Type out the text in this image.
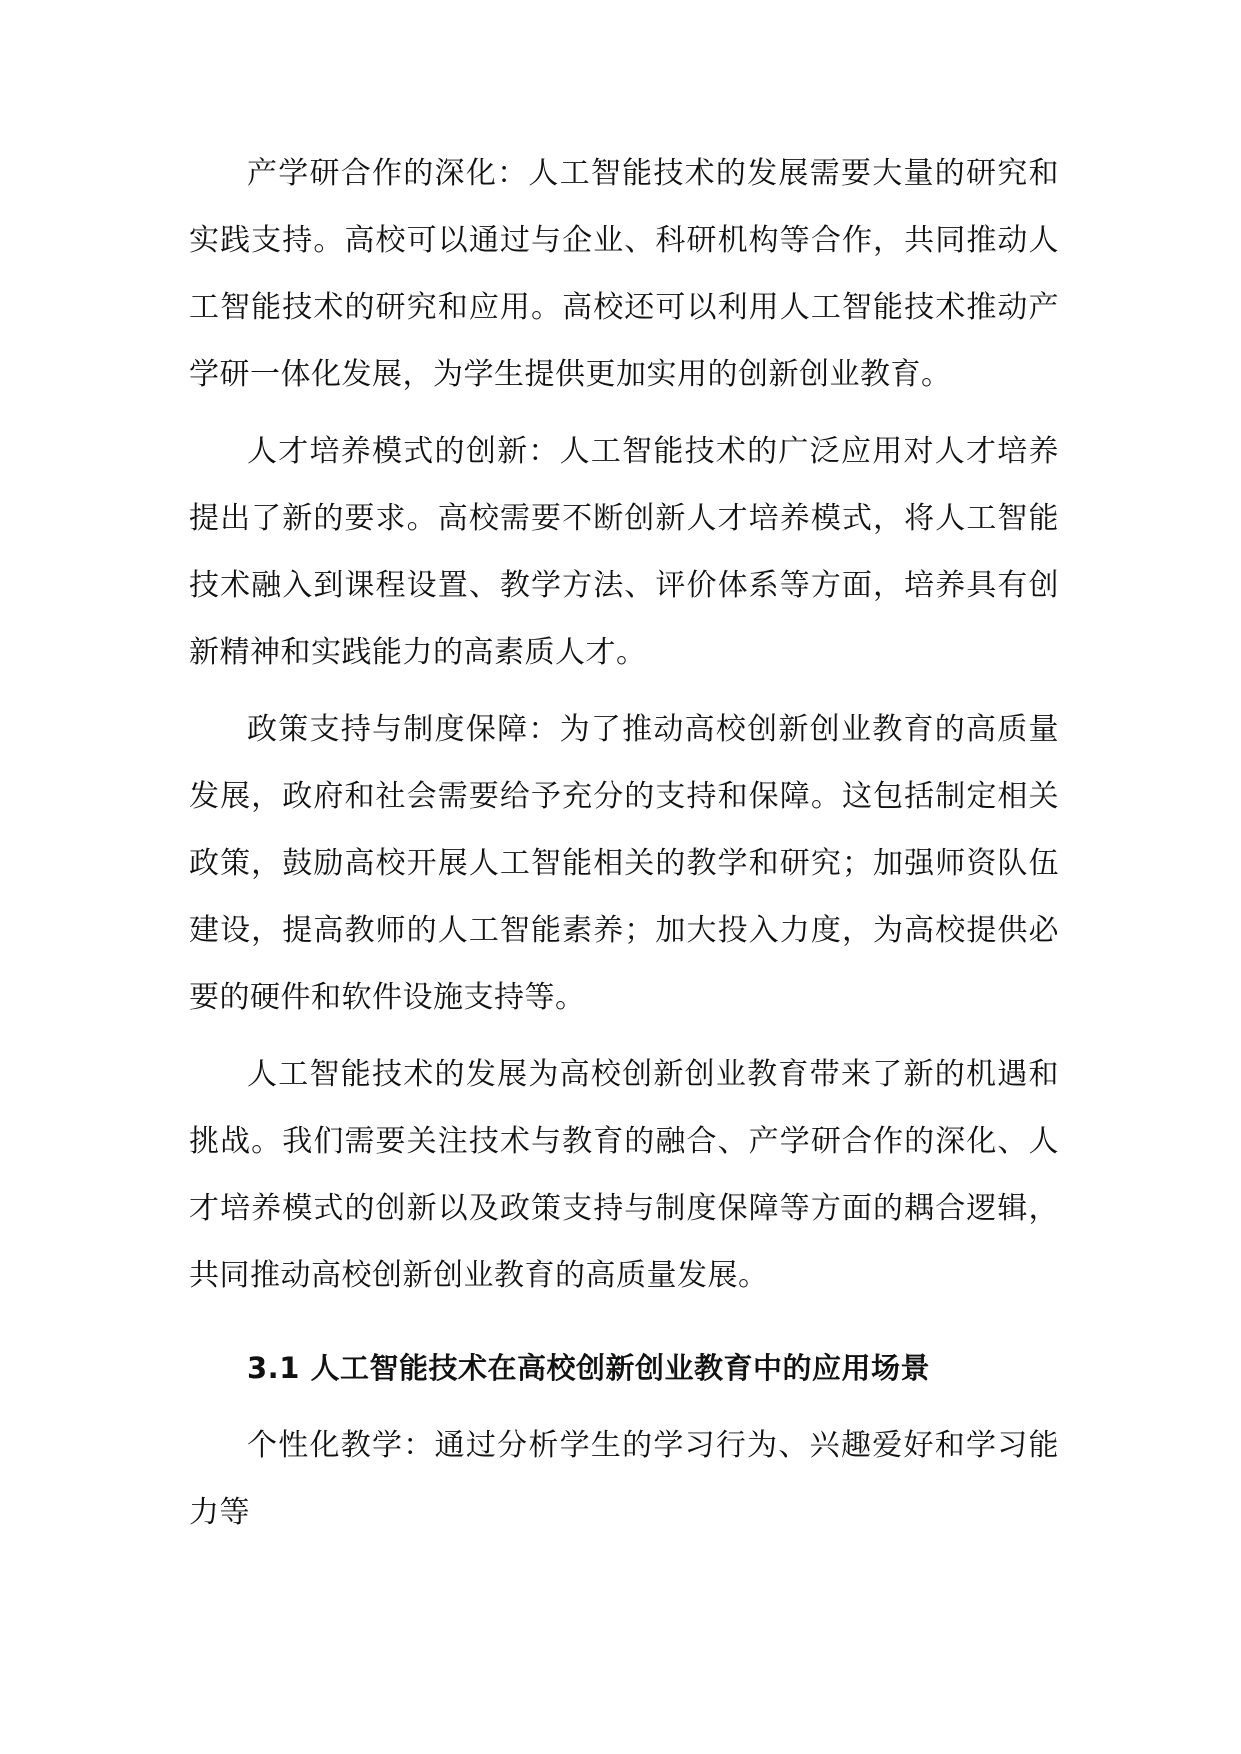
产学研合作的深化：人工智能技术的发展需要大量的研究和实践支持。高校可以通过与企业、科研机构等合作，共同推动人工智能技术的研究和应用。高校还可以利用人工智能技术推动产学研一体化发展，为学生提供更加实用的创新创业教育。

人才培养模式的创新：人工智能技术的广泛应用对人才培养提出了新的要求。高校需要不断创新人才培养模式，将人工智能技术融入到课程设置、教学方法、评价体系等方面，培养具有创新精神和实践能力的高素质人才。

政策支持与制度保障：为了推动高校创新创业教育的高质量发展，政府和社会需要给予充分的支持和保障。这包括制定相关政策，鼓励高校开展人工智能相关的教学和研究；加强师资队伍建设，提高教师的人工智能素养；加大投入力度，为高校提供必要的硬件和软件设施支持等。

人工智能技术的发展为高校创新创业教育带来了新的机遇和挑战。我们需要关注技术与教育的融合、产学研合作的深化、人才培养模式的创新以及政策支持与制度保障等方面的耦合逻辑，共同推动高校创新创业教育的高质量发展。

3.1 人工智能技术在高校创新创业教育中的应用场景

个性化教学：通过分析学生的学习行为、兴趣爱好和学习能力等
